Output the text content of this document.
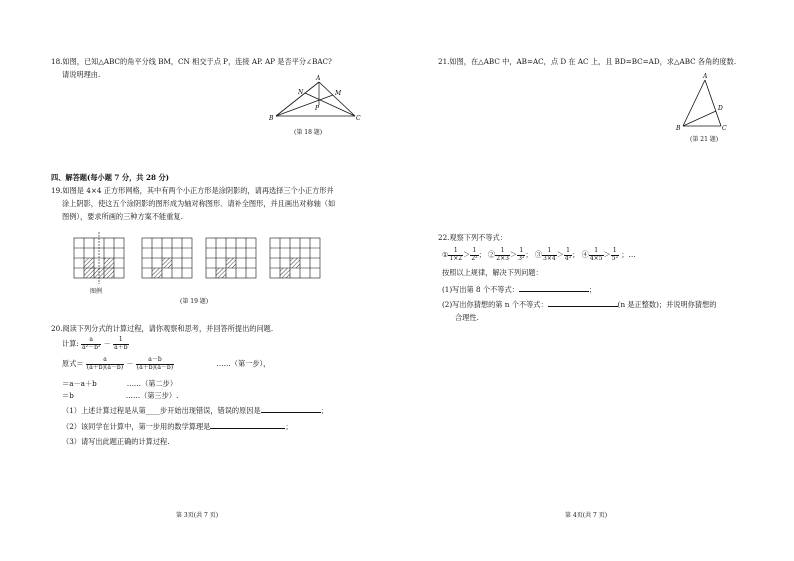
18.如图，已知△ABC的角平分线 BM，CN 相交于点 P，连接 AP. AP 是否平分∠BAC?
请说明理由.	A
B	C
N	M
P
(第 18 题)
四、解答题(每小题 7 分，共 28 分)
19.如图是 4×4 正方形网格，其中有两个小正方形是涂阴影的，请再选择三个小正方形并
涂上阴影，使这五个涂阴影的图形成为轴对称图形．请补全图形，并且画出对称轴（如
图例），要求所画的三种方案不能重复.
图例
(第 19 题)
20.阅读下列分式的计算过程，请你观察和思考，并回答所提出的问题.
计算: $\frac{a}{\text{a²－b²}} - \frac{1}{a+b}$
原式＝ $\frac{a}{(a+b)(a-b)} - \frac{a-b}{(a+b)(a-b)}$	……（第一步），
＝a－a＋b	……（第二步）
＝b	……（第三步）.
（1）上述计算过程是从第____步开始出现错误，错误的原因是	；
（2）该同学在计算中，第一步用的数学算理是	；
（3）请写出此题正确的计算过程.
第 3页(共 7 页)
21.如图，在△ABC 中，AB=AC，点 D 在 AC 上，且 BD=BC=AD，求△ABC 各角的度数.
A
B	C
D
(第 21 题)
22.观察下列不等式：
① $\frac{1}{1\times 2} > \frac{1}{\text{2²}}$ ； ② $\frac{1}{2\times 3} > \frac{1}{\text{3²}}$ ； ③ $\frac{1}{3\times 4} > \frac{1}{\text{4²}}$ ； ④ $\frac{1}{4\times 5} > \frac{1}{\text{5²}}$ ；…
按照以上规律，解决下列问题：
(1)写出第 8 个不等式：	；
(2)写出你猜想的第 n 个不等式：	(n 是正整数)；并说明你猜想的
合理性.
第 4页(共 7 页)
